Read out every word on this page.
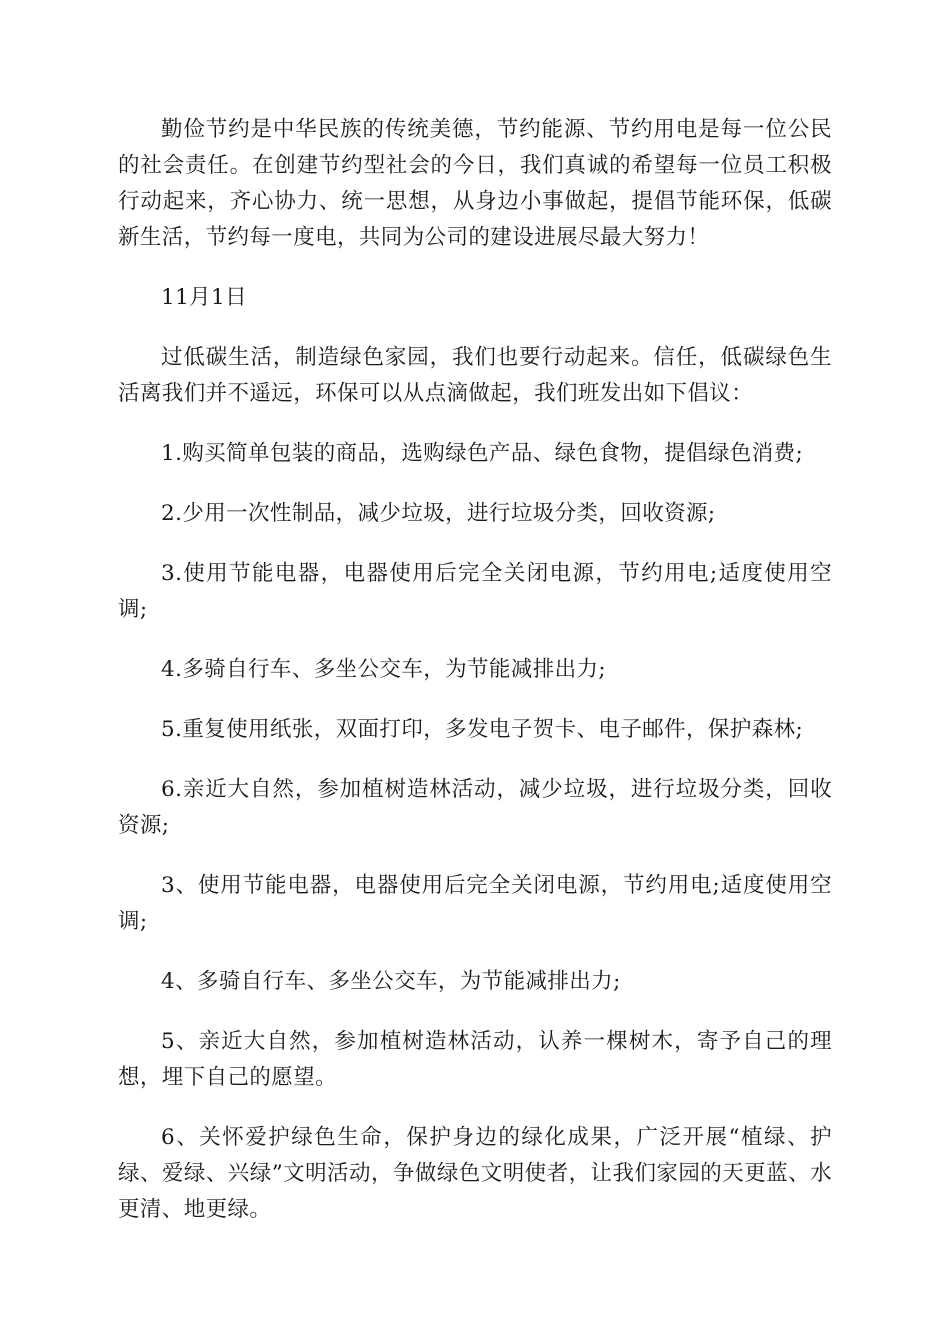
勤俭节约是中华民族的传统美德，节约能源、节约用电是每一位公民的社会责任。在创建节约型社会的今日，我们真诚的希望每一位员工积极行动起来，齐心协力、统一思想，从身边小事做起，提倡节能环保，低碳新生活，节约每一度电，共同为公司的建设进展尽最大努力！

11月1日

过低碳生活，制造绿色家园，我们也要行动起来。信任，低碳绿色生活离我们并不遥远，环保可以从点滴做起，我们班发出如下倡议：

1.购买简单包装的商品，选购绿色产品、绿色食物，提倡绿色消费;

2.少用一次性制品，减少垃圾，进行垃圾分类，回收资源;

3.使用节能电器，电器使用后完全关闭电源，节约用电;适度使用空调;

4.多骑自行车、多坐公交车，为节能减排出力;

5.重复使用纸张，双面打印，多发电子贺卡、电子邮件，保护森林;

6.亲近大自然，参加植树造林活动，减少垃圾，进行垃圾分类，回收资源;

3、使用节能电器，电器使用后完全关闭电源，节约用电;适度使用空调;

4、多骑自行车、多坐公交车，为节能减排出力;

5、亲近大自然，参加植树造林活动，认养一棵树木，寄予自己的理想，埋下自己的愿望。

6、关怀爱护绿色生命，保护身边的绿化成果，广泛开展“植绿、护绿、爱绿、兴绿”文明活动，争做绿色文明使者，让我们家园的天更蓝、水更清、地更绿。
